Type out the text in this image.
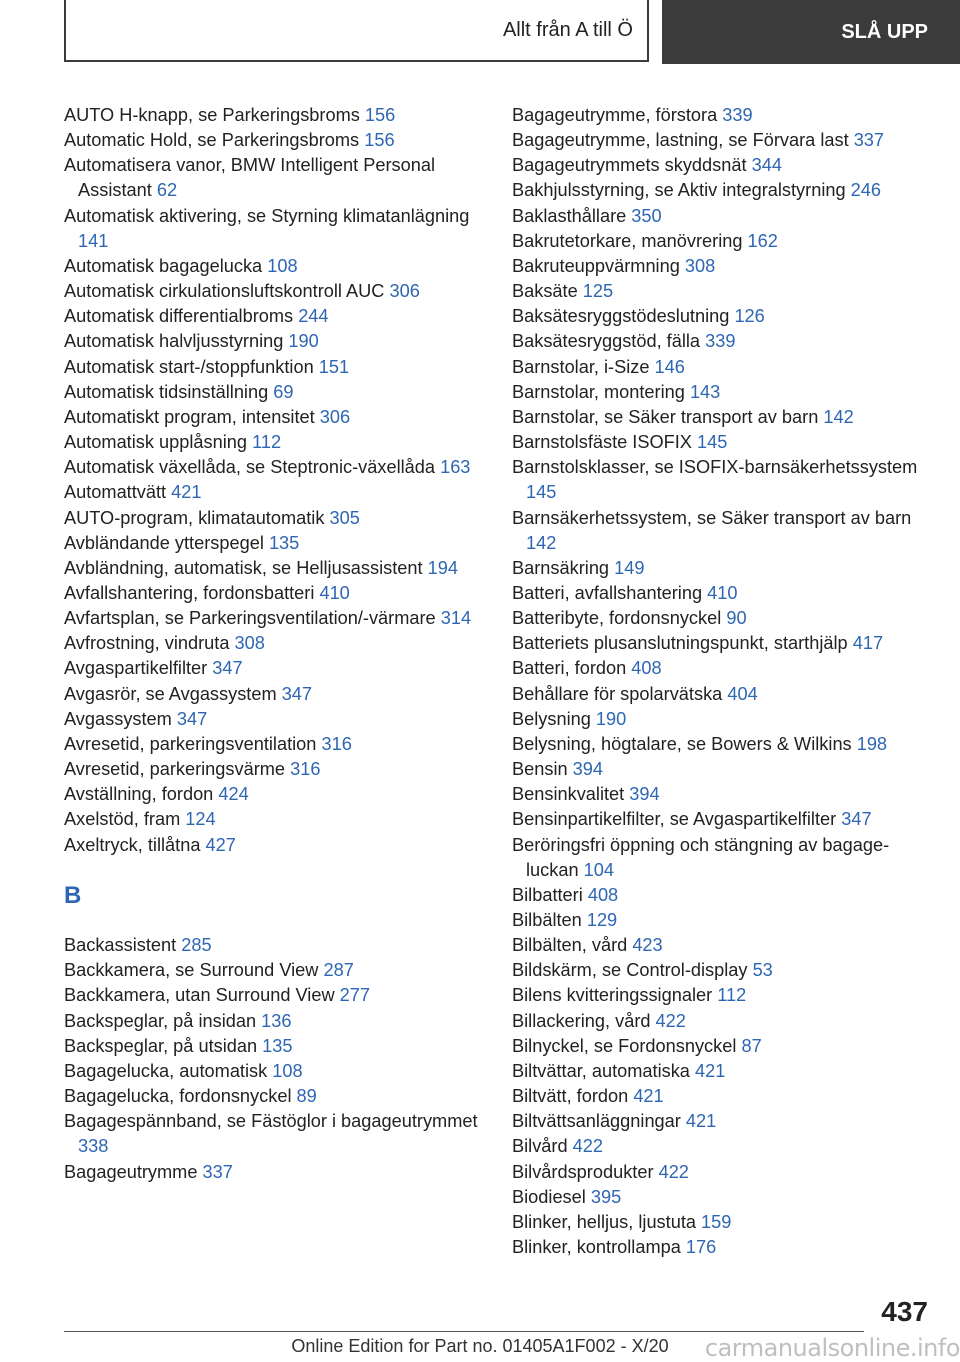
Allt från A till Ö	SLÅ UPP
AUTO H-knapp, se Parkeringsbroms 156
Automatic Hold, se Parkeringsbroms 156
Automatisera vanor, BMW Intelligent Personal Assistant 62
Automatisk aktivering, se Styrning klimatanlägning 141
Automatisk bagagelucka 108
Automatisk cirkulationsluftskontroll AUC 306
Automatisk differentialbroms 244
Automatisk halvljusstyrning 190
Automatisk start-/stoppfunktion 151
Automatisk tidsinställning 69
Automatiskt program, intensitet 306
Automatisk upplåsning 112
Automatisk växellåda, se Steptronic-växellåda 163
Automattvätt 421
AUTO-program, klimatautomatik 305
Avbländande ytterspegel 135
Avbländning, automatisk, se Helljusassistent 194
Avfallshantering, fordonsbatteri 410
Avfartsplan, se Parkeringsventilation/-värmare 314
Avfrostning, vindruta 308
Avgaspartikelfilter 347
Avgasrör, se Avgassystem 347
Avgassystem 347
Avresetid, parkeringsventilation 316
Avresetid, parkeringsvärme 316
Avställning, fordon 424
Axelstöd, fram 124
Axeltryck, tillåtna 427
B
Backassistent 285
Backkamera, se Surround View 287
Backkamera, utan Surround View 277
Backspeglar, på insidan 136
Backspeglar, på utsidan 135
Bagagelucka, automatisk 108
Bagagelucka, fordonsnyckel 89
Bagagespännband, se Fästöglor i bagageutrymmet 338
Bagageutrymme 337
Bagageutrymme, förstora 339
Bagageutrymme, lastning, se Förvara last 337
Bagageutrymmets skyddsnät 344
Bakhjulsstyrning, se Aktiv integralstyrning 246
Baklasthållare 350
Bakrutetorkare, manövrering 162
Bakruteuppvärmning 308
Baksäte 125
Baksätesryggstödeslutning 126
Baksätesryggstöd, fälla 339
Barnstolar, i-Size 146
Barnstolar, montering 143
Barnstolar, se Säker transport av barn 142
Barnstolsfäste ISOFIX 145
Barnstolsklasser, se ISOFIX-barnsäkerhetssystem 145
Barnsäkerhetssystem, se Säker transport av barn 142
Barnsäkring 149
Batteri, avfallshantering 410
Batteribyte, fordonsnyckel 90
Batteriets plusanslutningspunkt, starthjälp 417
Batteri, fordon 408
Behållare för spolarvätska 404
Belysning 190
Belysning, högtalare, se Bowers & Wilkins 198
Bensin 394
Bensinkvalitet 394
Bensinpartikelfilter, se Avgaspartikelfilter 347
Beröringsfri öppning och stängning av bagageluckan 104
Bilbatteri 408
Bilbälten 129
Bilbälten, vård 423
Bildskärm, se Control-display 53
Bilens kvitteringssignaler 112
Billackering, vård 422
Bilnyckel, se Fordonsnyckel 87
Biltvättar, automatiska 421
Biltvätt, fordon 421
Biltvättsanläggningar 421
Bilvård 422
Bilvårdsprodukter 422
Biodiesel 395
Blinker, helljus, ljustuta 159
Blinker, kontrollampa 176
437
Online Edition for Part no. 01405A1F002 - X/20	carmanualsonline.info
